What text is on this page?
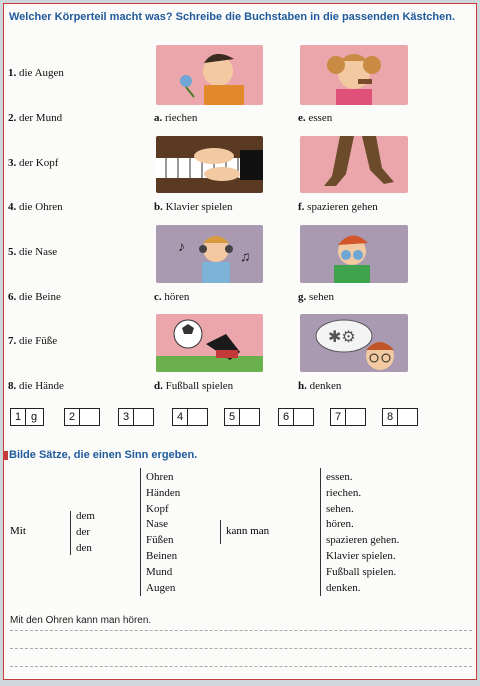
Welcher Körperteil macht was? Schreibe die Buchstaben in die passenden Kästchen.
1. die Augen
2. der Mund
3. der Kopf
4. die Ohren
5. die Nase
6. die Beine
7. die Füße
8. die Hände
a. riechen	e. essen
b. Klavier spielen	f. spazieren gehen
♪
♫
c. hören	g. sehen
✱⚙
d. Fußball spielen	h. denken
1 g	2	3	4	5	6	7	8
Bilde Sätze, die einen Sinn ergeben.
Mit
dem
der
den
Ohren
Händen
Kopf
Nase
Füßen
Beinen
Mund
Augen
kann man
essen.
riechen.
sehen.
hören.
spazieren gehen.
Klavier spielen.
Fußball spielen.
denken.
Mit den Ohren kann man hören.
